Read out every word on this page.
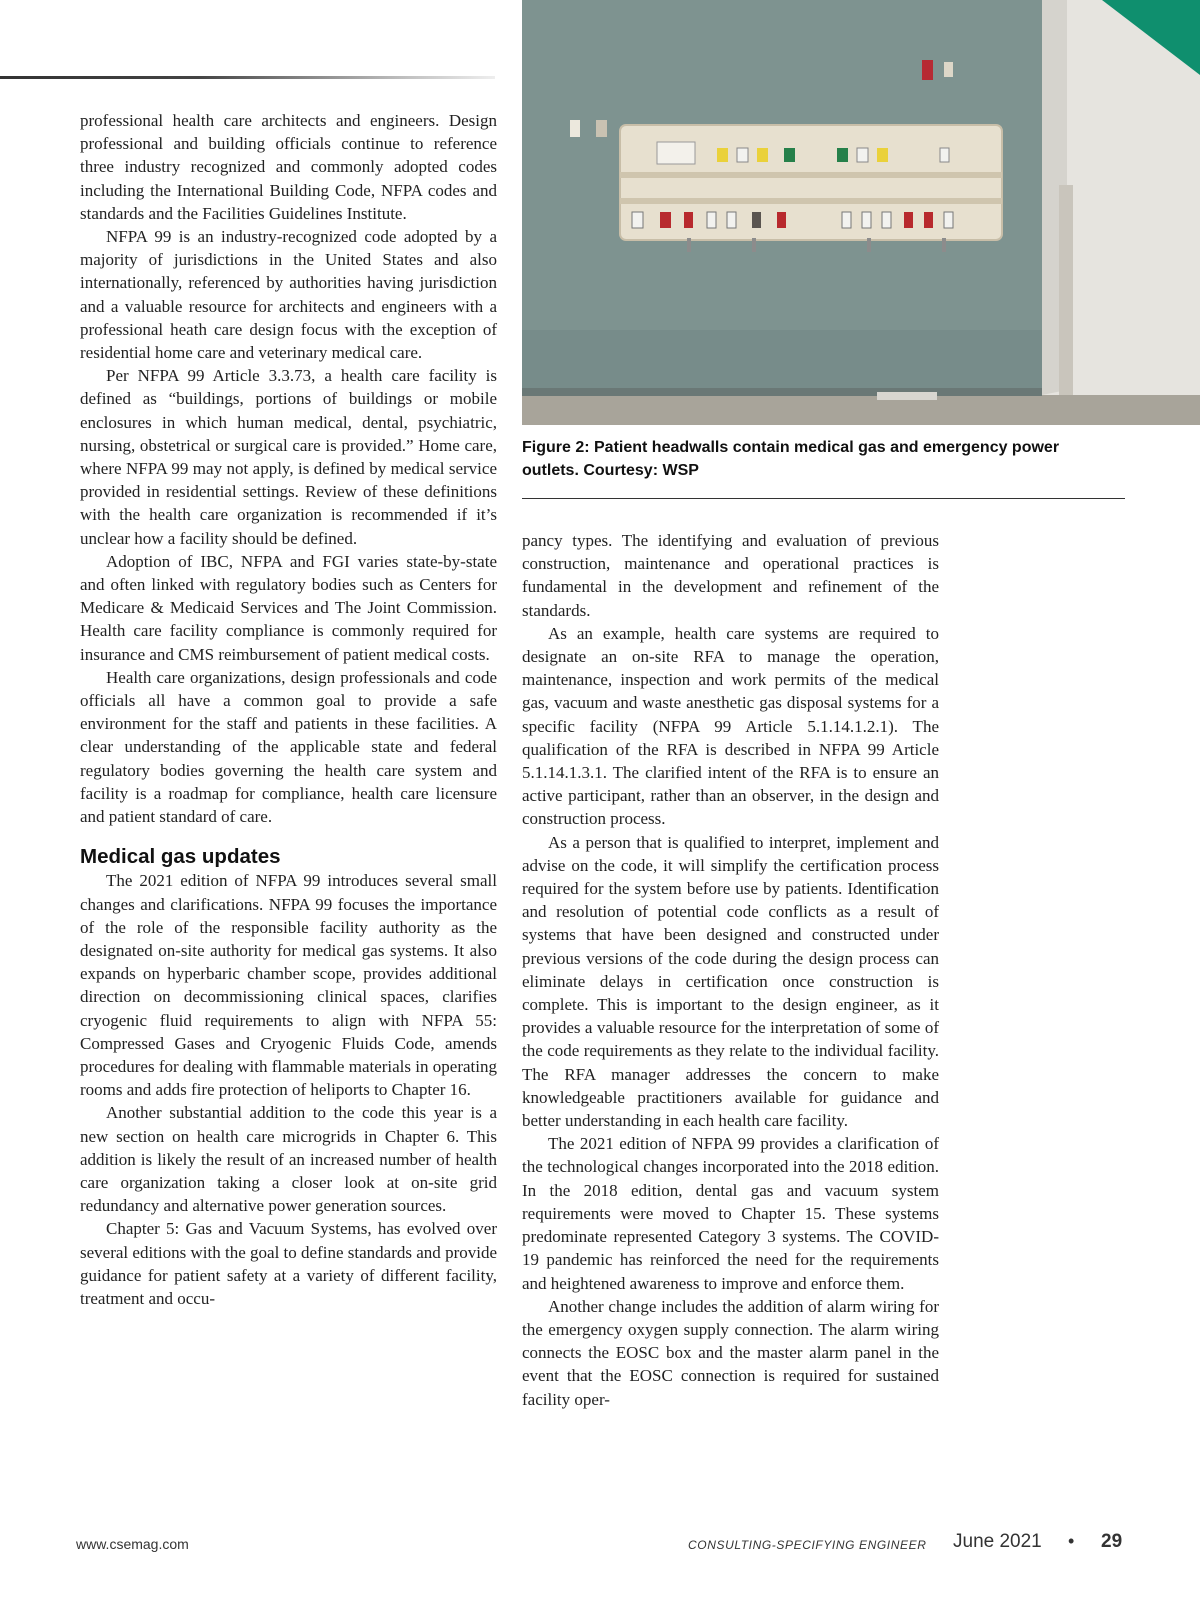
professional health care architects and engineers. Design professional and building officials continue to reference three industry recognized and commonly adopted codes including the International Building Code, NFPA codes and standards and the Facilities Guidelines Institute.

NFPA 99 is an industry-recognized code adopted by a majority of jurisdictions in the United States and also internationally, referenced by authorities having jurisdiction and a valuable resource for architects and engineers with a professional heath care design focus with the exception of residential home care and veterinary medical care.

Per NFPA 99 Article 3.3.73, a health care facility is defined as “buildings, portions of buildings or mobile enclosures in which human medical, dental, psychiatric, nursing, obstetrical or surgical care is provided.” Home care, where NFPA 99 may not apply, is defined by medical service provided in residential settings. Review of these definitions with the health care organization is recommended if it’s unclear how a facility should be defined.

Adoption of IBC, NFPA and FGI varies state-by-state and often linked with regulatory bodies such as Centers for Medicare & Medicaid Services and The Joint Commission. Health care facility compliance is commonly required for insurance and CMS reimbursement of patient medical costs.

Health care organizations, design professionals and code officials all have a common goal to provide a safe environment for the staff and patients in these facilities. A clear understanding of the applicable state and federal regulatory bodies governing the health care system and facility is a roadmap for compliance, health care licensure and patient standard of care.

Medical gas updates

The 2021 edition of NFPA 99 introduces several small changes and clarifications. NFPA 99 focuses the importance of the role of the responsible facility authority as the designated on-site authority for medical gas systems. It also expands on hyperbaric chamber scope, provides additional direction on decommissioning clinical spaces, clarifies cryogenic fluid requirements to align with NFPA 55: Compressed Gases and Cryogenic Fluids Code, amends procedures for dealing with flammable materials in operating rooms and adds fire protection of heliports to Chapter 16.

Another substantial addition to the code this year is a new section on health care microgrids in Chapter 6. This addition is likely the result of an increased number of health care organization taking a closer look at on-site grid redundancy and alternative power generation sources.

Chapter 5: Gas and Vacuum Systems, has evolved over several editions with the goal to define standards and provide guidance for patient safety at a variety of different facility, treatment and occu-

Figure 2: Patient headwalls contain medical gas and emergency power outlets. Courtesy: WSP

pancy types. The identifying and evaluation of previous construction, maintenance and operational practices is fundamental in the development and refinement of the standards.

As an example, health care systems are required to designate an on-site RFA to manage the operation, maintenance, inspection and work permits of the medical gas, vacuum and waste anesthetic gas disposal systems for a specific facility (NFPA 99 Article 5.1.14.1.2.1). The qualification of the RFA is described in NFPA 99 Article 5.1.14.1.3.1. The clarified intent of the RFA is to ensure an active participant, rather than an observer, in the design and construction process.

As a person that is qualified to interpret, implement and advise on the code, it will simplify the certification process required for the system before use by patients. Identification and resolution of potential code conflicts as a result of systems that have been designed and constructed under previous versions of the code during the design process can eliminate delays in certification once construction is complete. This is important to the design engineer, as it provides a valuable resource for the interpretation of some of the code requirements as they relate to the individual facility. The RFA manager addresses the concern to make knowledgeable practitioners available for guidance and better understanding in each health care facility.

The 2021 edition of NFPA 99 provides a clarification of the technological changes incorporated into the 2018 edition. In the 2018 edition, dental gas and vacuum system requirements were moved to Chapter 15. These systems predominate represented Category 3 systems. The COVID-19 pandemic has reinforced the need for the requirements and heightened awareness to improve and enforce them.

Another change includes the addition of alarm wiring for the emergency oxygen supply connection. The alarm wiring connects the EOSC box and the master alarm panel in the event that the EOSC connection is required for sustained facility oper-

www.csemag.com	CONSULTING-SPECIFYING ENGINEER June 2021 • 29
